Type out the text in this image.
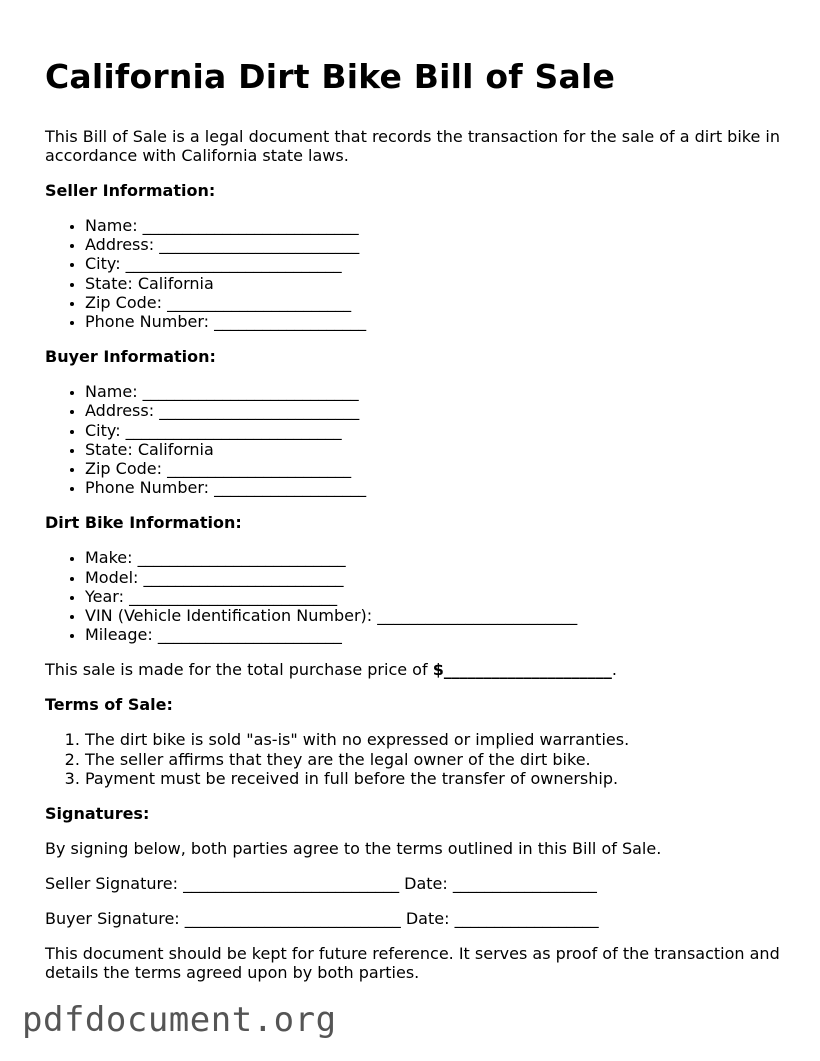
California Dirt Bike Bill of Sale

This Bill of Sale is a legal document that records the transaction for the sale of a dirt bike in accordance with California state laws.

Seller Information:
• Name: ___________________________
• Address: _________________________
• City: ___________________________
• State: California
• Zip Code: _______________________
• Phone Number: ___________________
Buyer Information:
• Name: ___________________________
• Address: _________________________
• City: ___________________________
• State: California
• Zip Code: _______________________
• Phone Number: ___________________
Dirt Bike Information:
• Make: __________________________
• Model: _________________________
• Year: __________________________
• VIN (Vehicle Identification Number): _________________________
• Mileage: _______________________

This sale is made for the total purchase price of $_____________________.

Terms of Sale:
1. The dirt bike is sold "as-is" with no expressed or implied warranties.
2. The seller affirms that they are the legal owner of the dirt bike.
3. Payment must be received in full before the transfer of ownership.
Signatures:

By signing below, both parties agree to the terms outlined in this Bill of Sale.

Seller Signature: ___________________________ Date: __________________

Buyer Signature: ___________________________ Date: __________________

This document should be kept for future reference. It serves as proof of the transaction and details the terms agreed upon by both parties.

pdfdocument.org
